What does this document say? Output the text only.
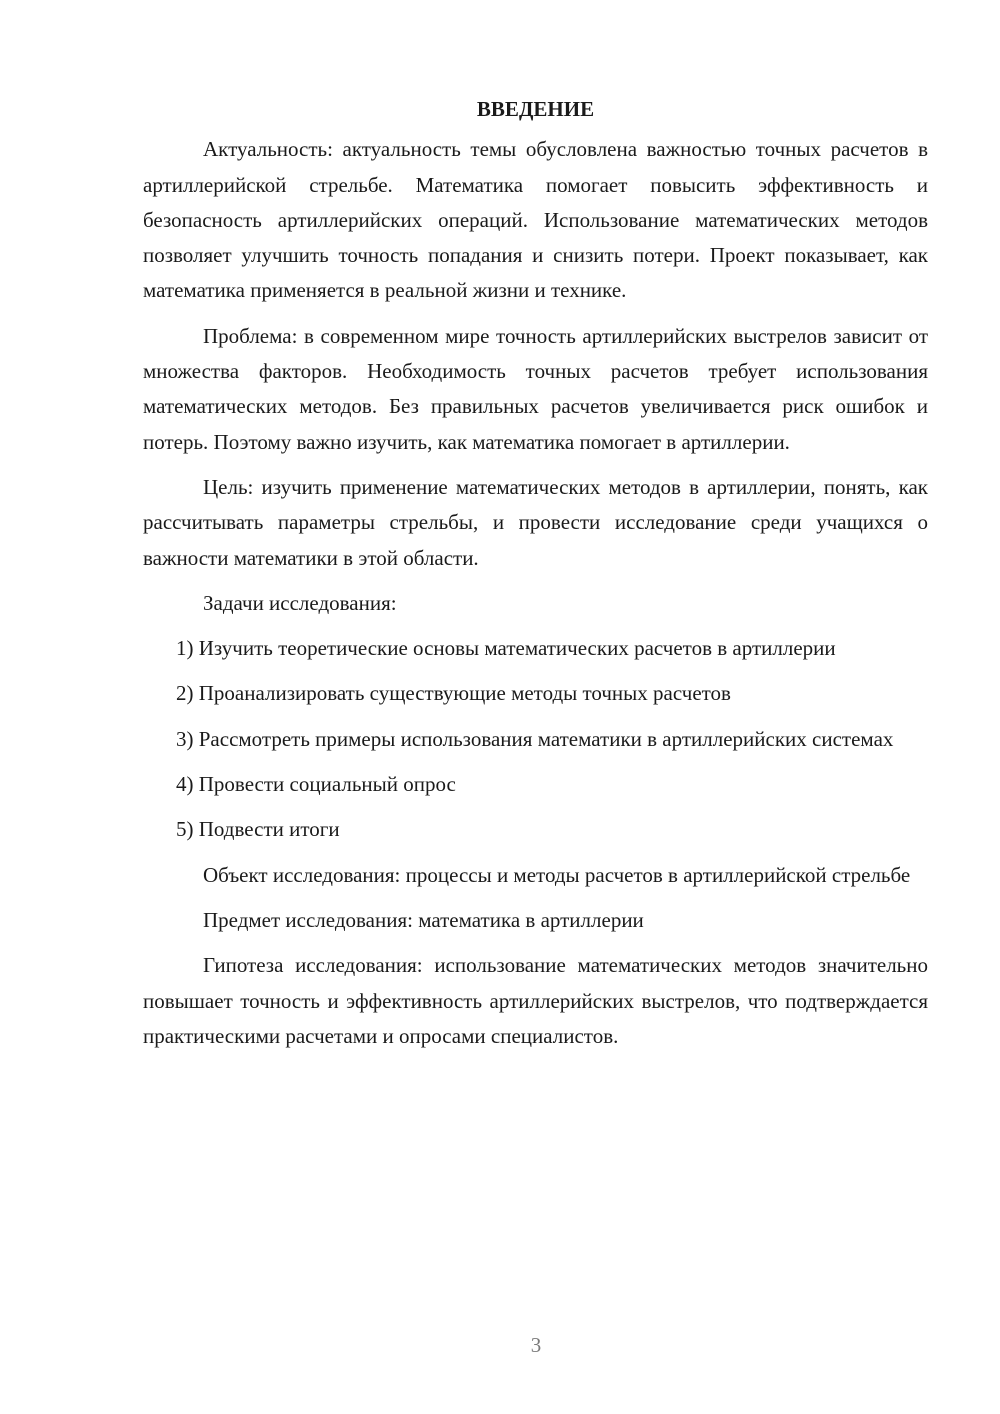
ВВЕДЕНИЕ
Актуальность: актуальность темы обусловлена важностью точных расчетов в артиллерийской стрельбе. Математика помогает повысить эффективность и безопасность артиллерийских операций. Использование математических методов позволяет улучшить точность попадания и снизить потери. Проект показывает, как математика применяется в реальной жизни и технике.
Проблема: в современном мире точность артиллерийских выстрелов зависит от множества факторов. Необходимость точных расчетов требует использования математических методов. Без правильных расчетов увеличивается риск ошибок и потерь. Поэтому важно изучить, как математика помогает в артиллерии.
Цель: изучить применение математических методов в артиллерии, понять, как рассчитывать параметры стрельбы, и провести исследование среди учащихся о важности математики в этой области.
Задачи исследования:
1) Изучить теоретические основы математических расчетов в артиллерии
2) Проанализировать существующие методы точных расчетов
3) Рассмотреть примеры использования математики в артиллерийских системах
4) Провести социальный опрос
5) Подвести итоги
Объект исследования: процессы и методы расчетов в артиллерийской стрельбе
Предмет исследования: математика в артиллерии
Гипотеза исследования: использование математических методов значительно повышает точность и эффективность артиллерийских выстрелов, что подтверждается практическими расчетами и опросами специалистов.
3
